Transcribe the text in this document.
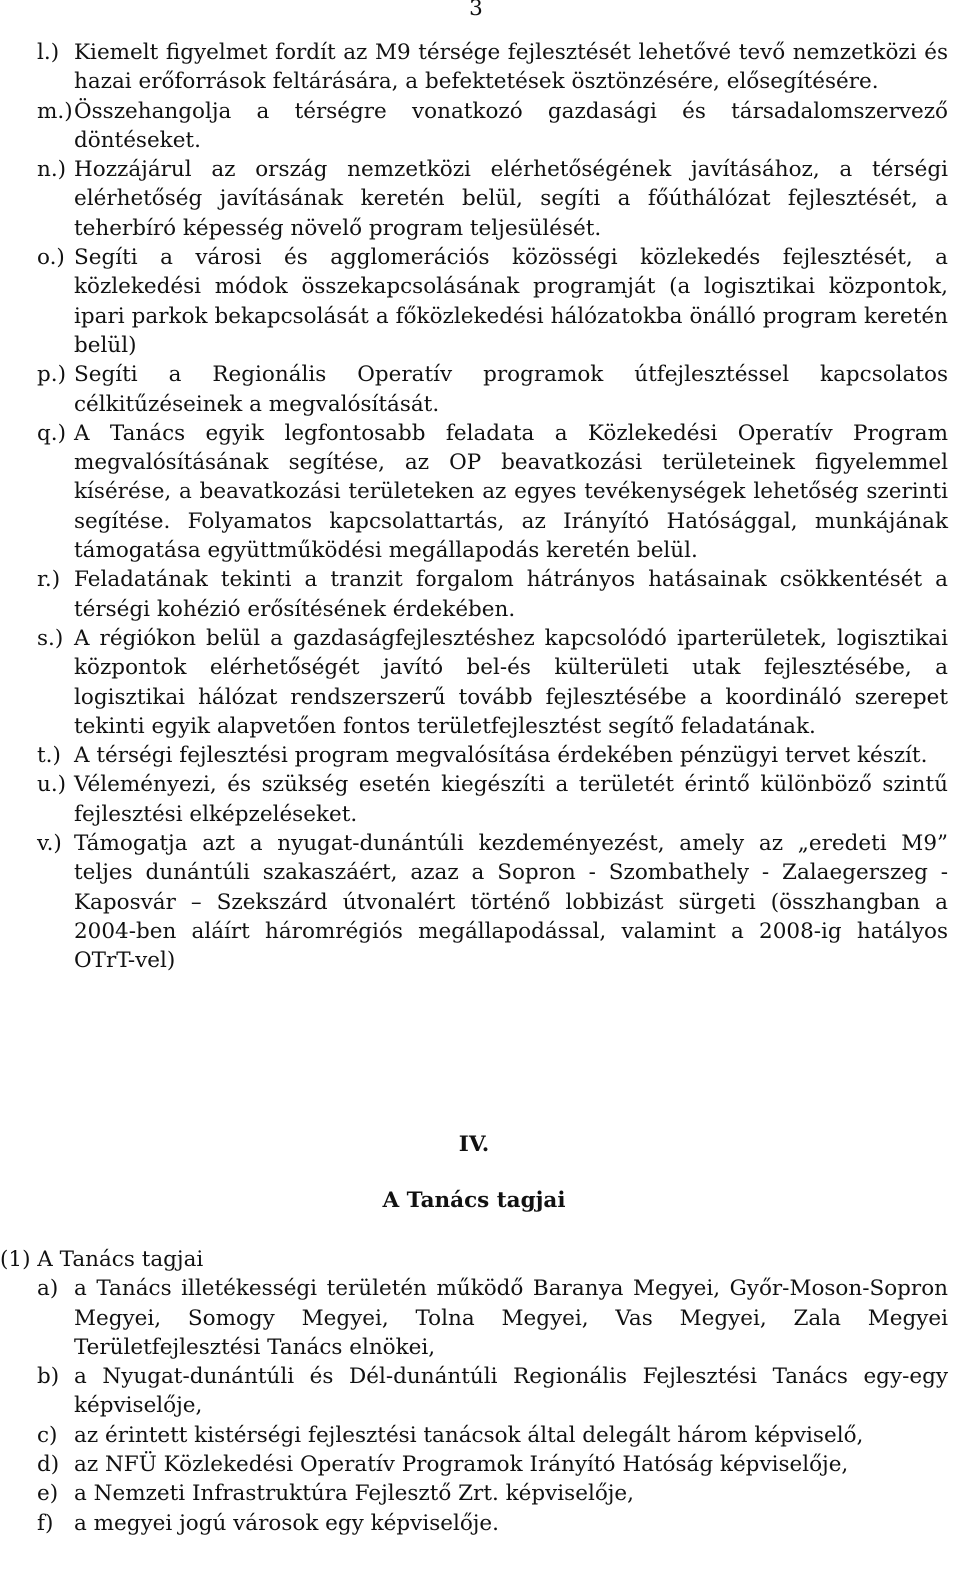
3
l.) Kiemelt figyelmet fordít az M9 térsége fejlesztését lehetővé tevő nemzetközi és hazai erőforrások feltárására, a befektetések ösztönzésére, elősegítésére.
m.) Összehangolja a térségre vonatkozó gazdasági és társadalomszervező döntéseket.
n.) Hozzájárul az ország nemzetközi elérhetőségének javításához, a térségi elérhetőség javításának keretén belül, segíti a főúthálózat fejlesztését, a teherbíró képesség növelő program teljesülését.
o.) Segíti a városi és agglomerációs közösségi közlekedés fejlesztését, a közlekedési módok összekapcsolásának programját (a logisztikai központok, ipari parkok bekapcsolását a főközlekedési hálózatokba önálló program keretén belül)
p.) Segíti a Regionális Operatív programok útfejlesztéssel kapcsolatos célkitűzéseinek a megvalósítását.
q.) A Tanács egyik legfontosabb feladata a Közlekedési Operatív Program megvalósításának segítése, az OP beavatkozási területeinek figyelemmel kísérése, a beavatkozási területeken az egyes tevékenységek lehetőség szerinti segítése. Folyamatos kapcsolattartás, az Irányító Hatósággal, munkájának támogatása együttműködési megállapodás keretén belül.
r.) Feladatának tekinti a tranzit forgalom hátrányos hatásainak csökkentését a térségi kohézió erősítésének érdekében.
s.) A régiókon belül a gazdaságfejlesztéshez kapcsolódó iparterületek, logisztikai központok elérhetőségét javító bel-és külterületi utak fejlesztésébe, a logisztikai hálózat rendszerszerű tovább fejlesztésébe a koordináló szerepet tekinti egyik alapvetően fontos területfejlesztést segítő feladatának.
t.) A térségi fejlesztési program megvalósítása érdekében pénzügyi tervet készít.
u.) Véleményezi, és szükség esetén kiegészíti a területét érintő különböző szintű fejlesztési elképzeléseket.
v.) Támogatja azt a nyugat-dunántúli kezdeményezést, amely az „eredeti M9” teljes dunántúli szakaszáért, azaz a Sopron - Szombathely - Zalaegerszeg - Kaposvár – Szekszárd útvonalért történő lobbizást sürgeti (összhangban a 2004-ben aláírt háromrégiós megállapodással, valamint a 2008-ig hatályos OTrT-vel)
IV.
A Tanács tagjai
(1) A Tanács tagjai
a) a Tanács illetékességi területén működő Baranya Megyei, Győr-Moson-Sopron Megyei, Somogy Megyei, Tolna Megyei, Vas Megyei, Zala Megyei Területfejlesztési Tanács elnökei,
b) a Nyugat-dunántúli és Dél-dunántúli Regionális Fejlesztési Tanács egy-egy képviselője,
c) az érintett kistérségi fejlesztési tanácsok által delegált három képviselő,
d) az NFÜ Közlekedési Operatív Programok Irányító Hatóság képviselője,
e) a Nemzeti Infrastruktúra Fejlesztő Zrt. képviselője,
f) a megyei jogú városok egy képviselője.
